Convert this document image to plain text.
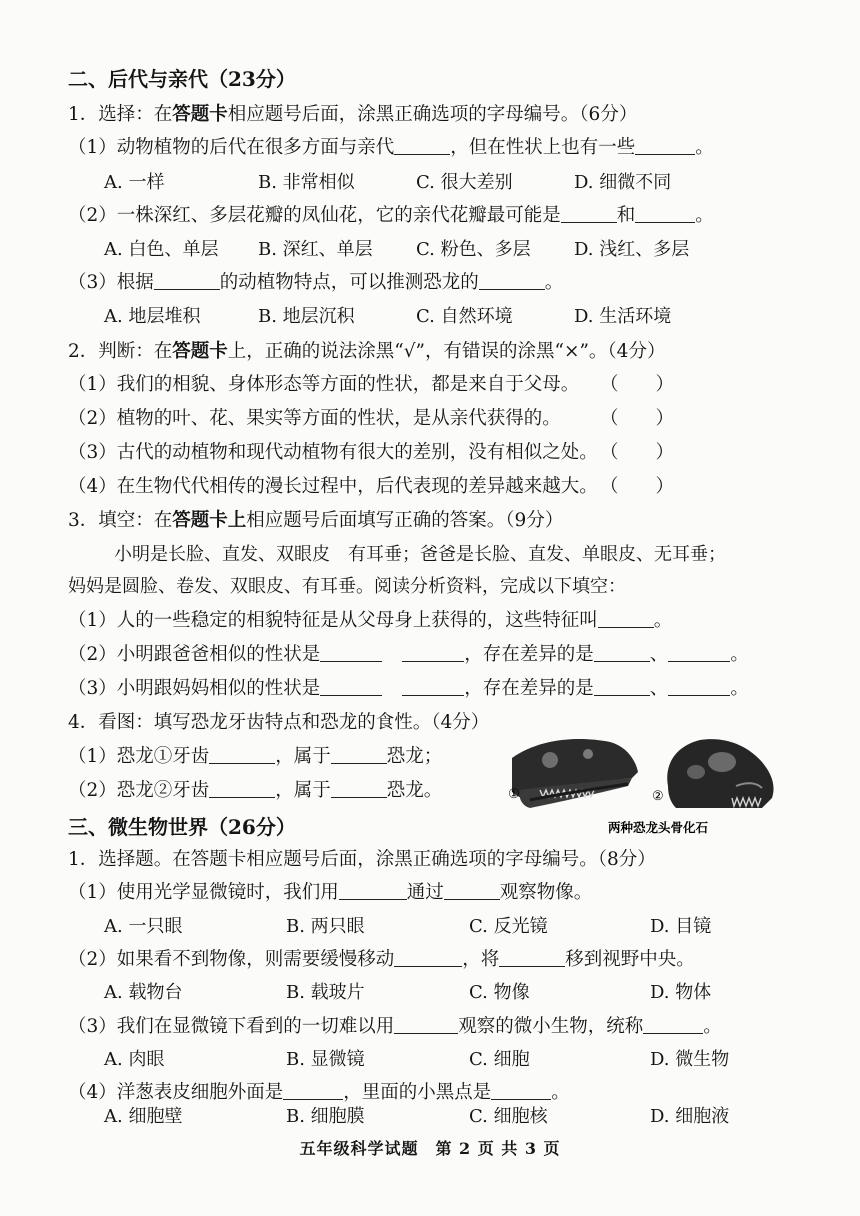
二、后代与亲代（23分）
1．选择：在答题卡相应题号后面，涂黑正确选项的字母编号。（6分）
（1）动物植物的后代在很多方面与亲代	，但在性状上也有一些	。
A. 一样	B. 非常相似	C. 很大差别	D. 细微不同
（2）一株深红、多层花瓣的凤仙花，它的亲代花瓣最可能是	和	。
A. 白色、单层	B. 深红、单层	C. 粉色、多层	D. 浅红、多层
（3）根据	的动植物特点，可以推测恐龙的	。
A. 地层堆积	B. 地层沉积	C. 自然环境	D. 生活环境
2．判断：在答题卡上，正确的说法涂黑“√”，有错误的涂黑“×”。（4分）
（1）我们的相貌、身体形态等方面的性状，都是来自于父母。 （　　）
（2）植物的叶、花、果实等方面的性状，是从亲代获得的。 （　　）
（3）古代的动植物和现代动植物有很大的差别，没有相似之处。 （　　）
（4）在生物代代相传的漫长过程中，后代表现的差异越来越大。 （　　）
3．填空：在答题卡上相应题号后面填写正确的答案。（9分）
小明是长脸、直发、双眼皮　有耳垂；爸爸是长脸、直发、单眼皮、无耳垂；
妈妈是圆脸、卷发、双眼皮、有耳垂。阅读分析资料，完成以下填空：
（1）人的一些稳定的相貌特征是从父母身上获得的，这些特征叫	。
（2）小明跟爸爸相似的性状是	，存在差异的是	、	。
（3）小明跟妈妈相似的性状是	，存在差异的是	、	。
4．看图：填写恐龙牙齿特点和恐龙的食性。（4分）
（1）恐龙①牙齿	，属于	恐龙；
（2）恐龙②牙齿	，属于	恐龙。	①	②
两种恐龙头骨化石
三、微生物世界（26分）
1．选择题。在答题卡相应题号后面，涂黑正确选项的字母编号。（8分）
（1）使用光学显微镜时，我们用	通过	观察物像。
A. 一只眼	B. 两只眼	C. 反光镜	D. 目镜
（2）如果看不到物像，则需要缓慢移动	，将	移到视野中央。
A. 载物台	B. 载玻片	C. 物像	D. 物体
（3）我们在显微镜下看到的一切难以用	观察的微小生物，统称	。
A. 肉眼	B. 显微镜	C. 细胞	D. 微生物
（4）洋葱表皮细胞外面是	，里面的小黑点是	。
A. 细胞壁	B. 细胞膜	C. 细胞核	D. 细胞液
五年级科学试题　第 2 页 共 3 页
